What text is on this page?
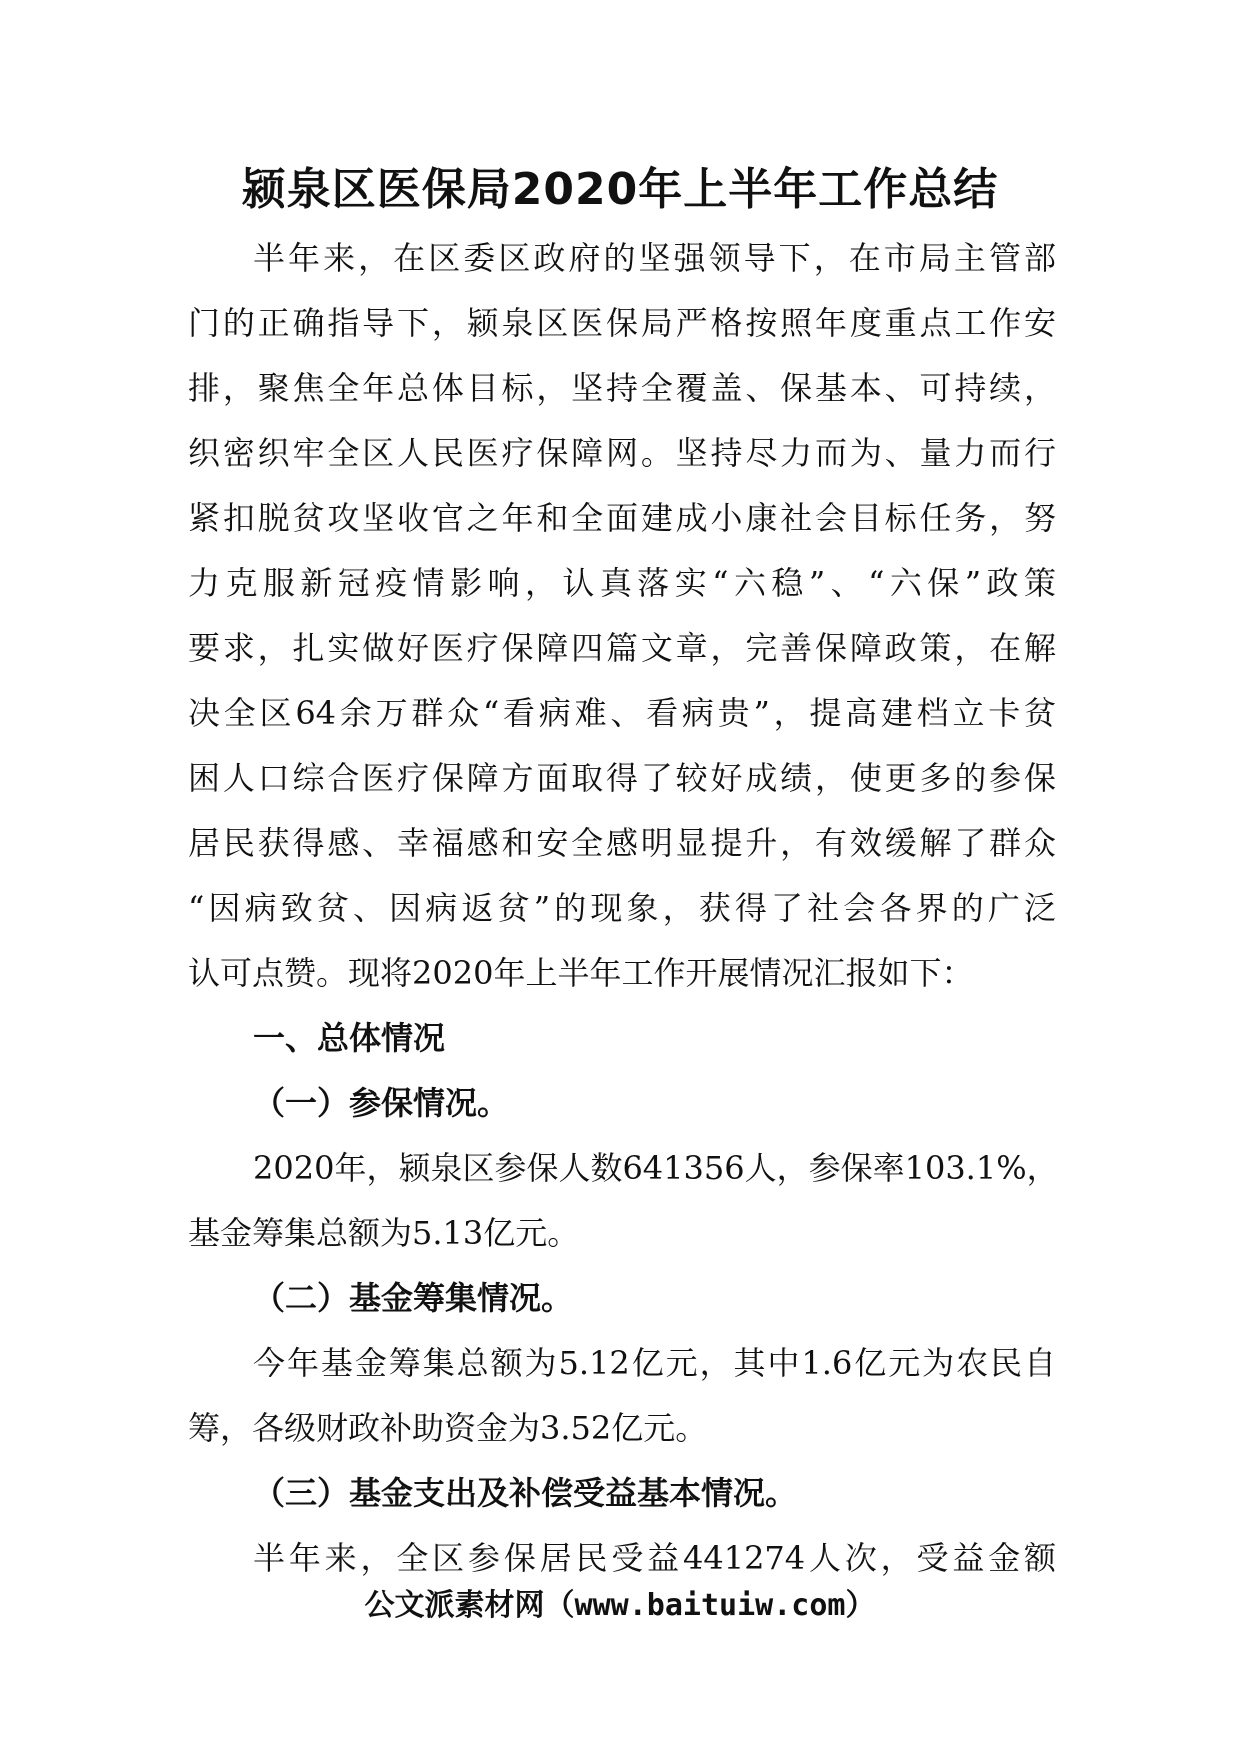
颍泉区医保局2020年上半年工作总结
半年来，在区委区政府的坚强领导下，在市局主管部
门的正确指导下，颍泉区医保局严格按照年度重点工作安
排，聚焦全年总体目标，坚持全覆盖、保基本、可持续，
织密织牢全区人民医疗保障网。坚持尽力而为、量力而行
紧扣脱贫攻坚收官之年和全面建成小康社会目标任务，努
力克服新冠疫情影响，认真落实“六稳”、“六保”政策
要求，扎实做好医疗保障四篇文章，完善保障政策，在解
决全区64余万群众“看病难、看病贵”，提高建档立卡贫
困人口综合医疗保障方面取得了较好成绩，使更多的参保
居民获得感、幸福感和安全感明显提升，有效缓解了群众
“因病致贫、因病返贫”的现象，获得了社会各界的广泛
认可点赞。现将2020年上半年工作开展情况汇报如下：
一、总体情况
（一）参保情况。
2020年，颍泉区参保人数641356人，参保率103.1%，
基金筹集总额为5.13亿元。
（二）基金筹集情况。
今年基金筹集总额为5.12亿元，其中1.6亿元为农民自
筹，各级财政补助资金为3.52亿元。
（三）基金支出及补偿受益基本情况。
半年来，全区参保居民受益441274人次，受益金额
公文派素材网（www.baituiw.com）
